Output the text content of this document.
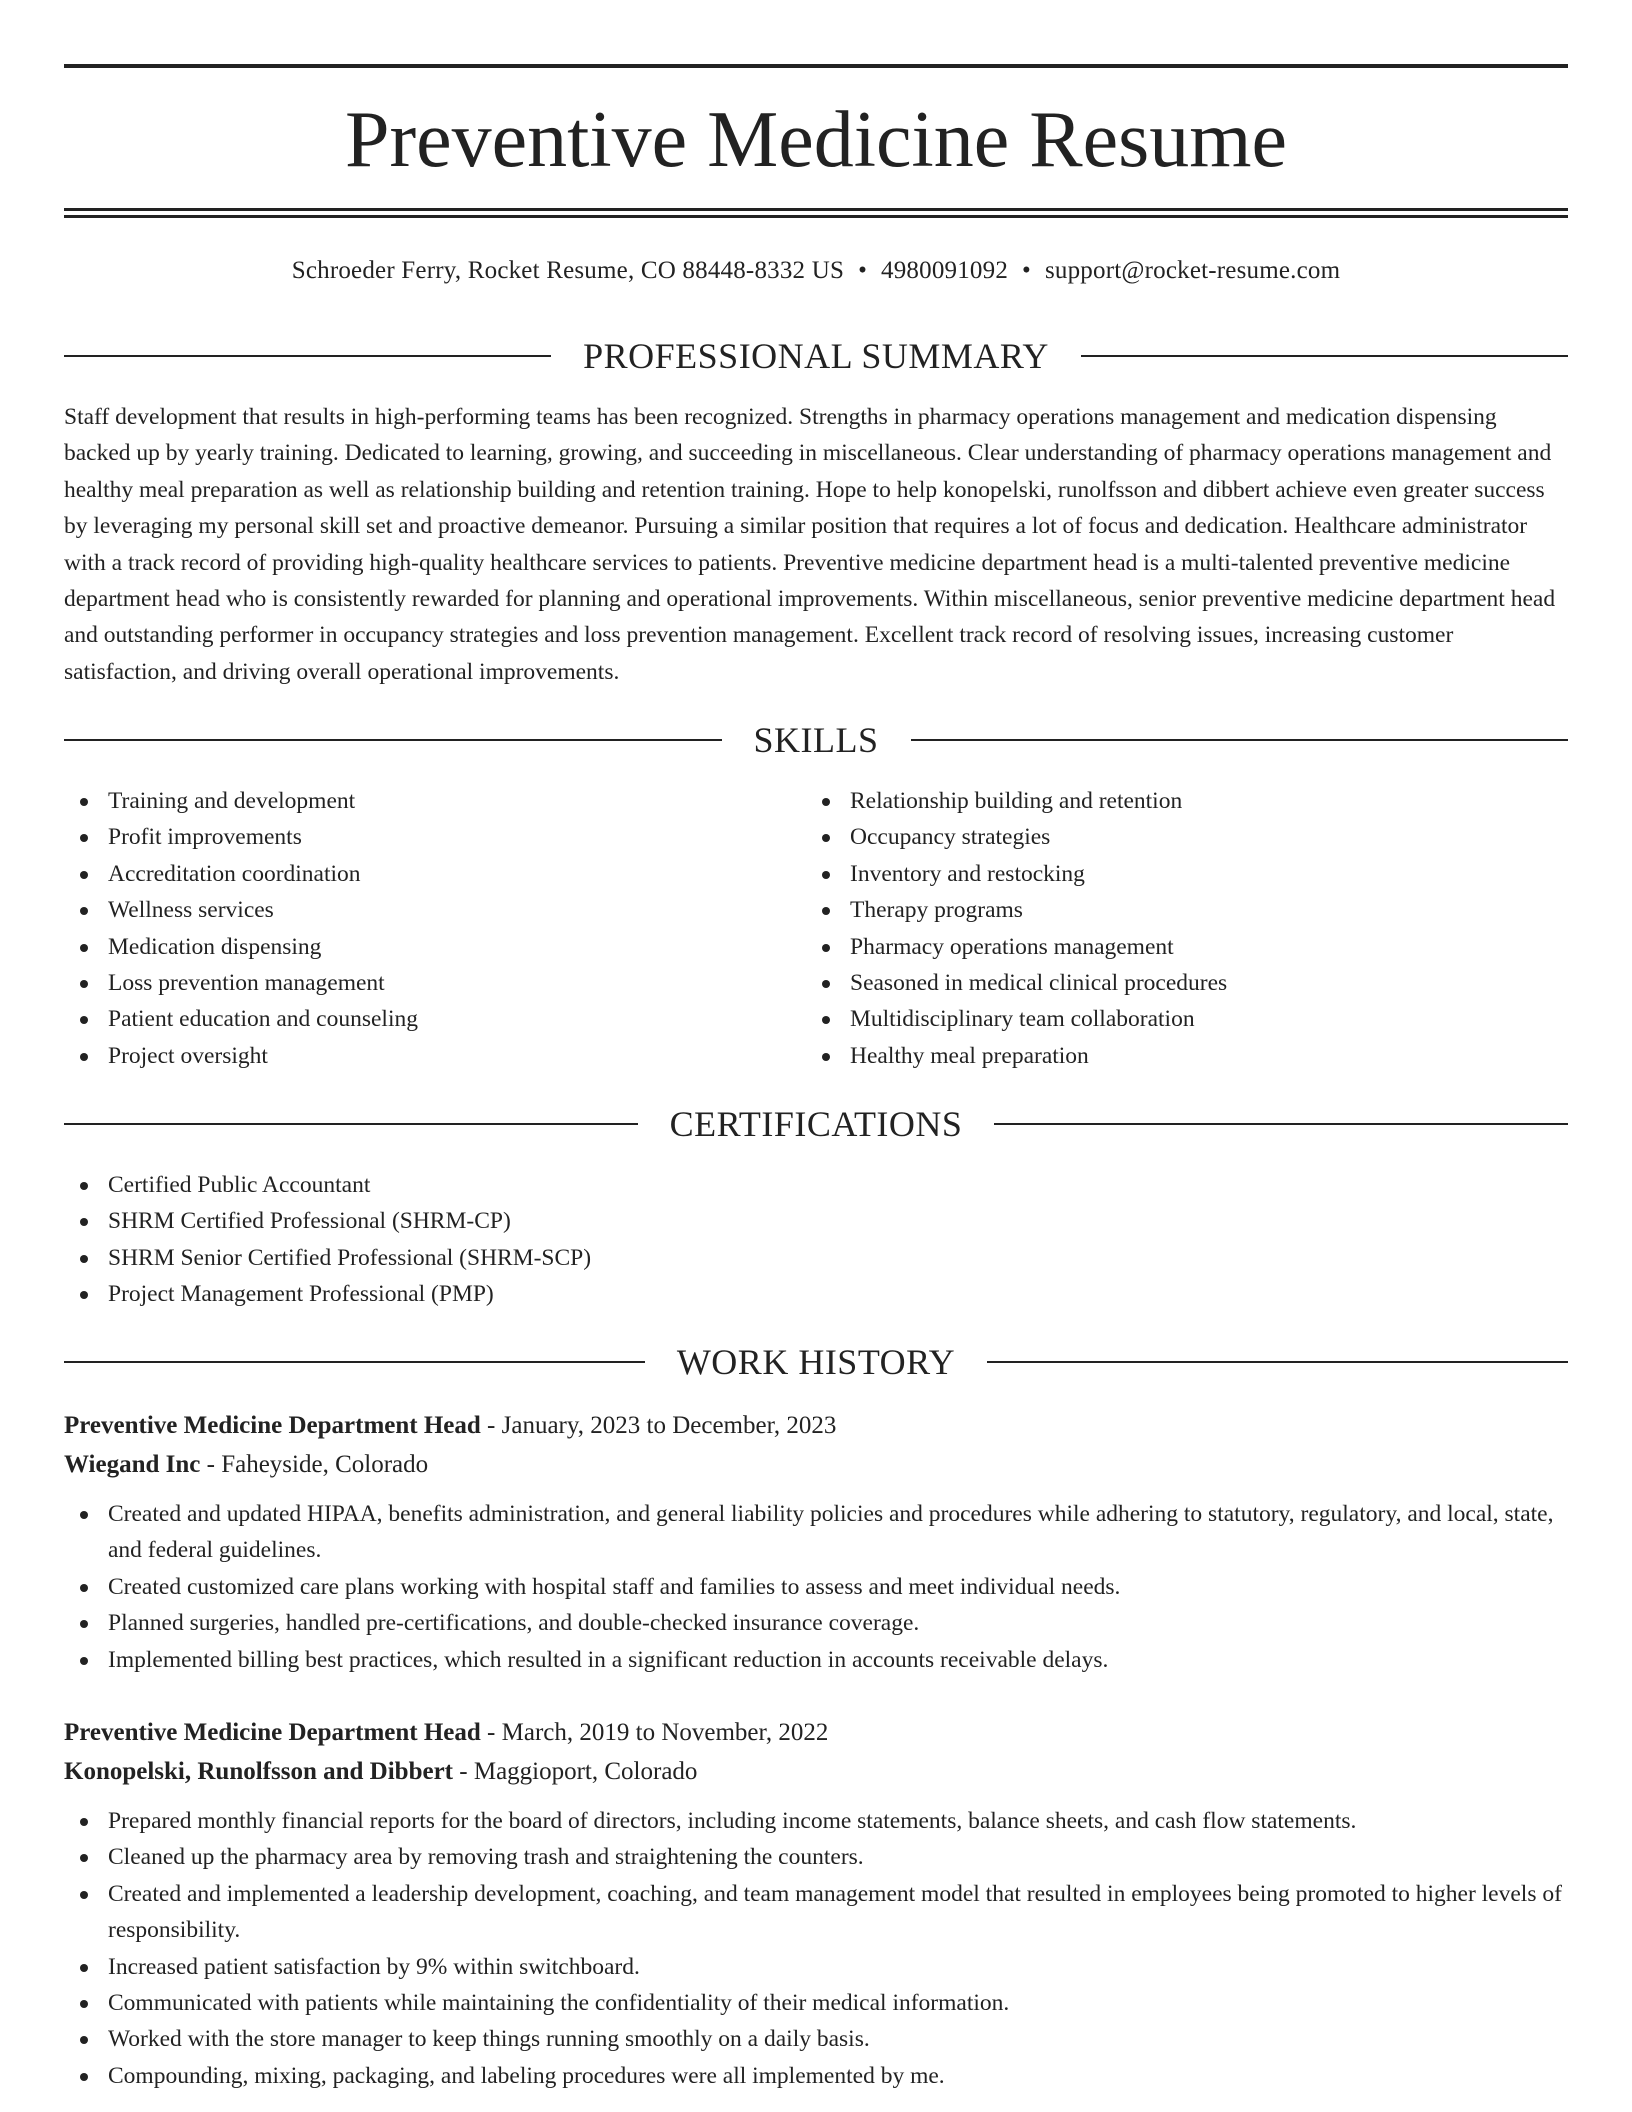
Preventive Medicine Resume
Schroeder Ferry, Rocket Resume, CO 88448-8332 US • 4980091092 • support@rocket-resume.com
PROFESSIONAL SUMMARY

Staff development that results in high-performing teams has been recognized. Strengths in pharmacy operations management and medication dispensing backed up by yearly training. Dedicated to learning, growing, and succeeding in miscellaneous. Clear understanding of pharmacy operations management and healthy meal preparation as well as relationship building and retention training. Hope to help konopelski, runolfsson and dibbert achieve even greater success by leveraging my personal skill set and proactive demeanor. Pursuing a similar position that requires a lot of focus and dedication. Healthcare administrator with a track record of providing high-quality healthcare services to patients. Preventive medicine department head is a multi-talented preventive medicine department head who is consistently rewarded for planning and operational improvements. Within miscellaneous, senior preventive medicine department head and outstanding performer in occupancy strategies and loss prevention management. Excellent track record of resolving issues, increasing customer satisfaction, and driving overall operational improvements.

SKILLS
Training and development
Profit improvements
Accreditation coordination
Wellness services
Medication dispensing
Loss prevention management
Patient education and counseling
Project oversight
Relationship building and retention
Occupancy strategies
Inventory and restocking
Therapy programs
Pharmacy operations management
Seasoned in medical clinical procedures
Multidisciplinary team collaboration
Healthy meal preparation
CERTIFICATIONS
Certified Public Accountant
SHRM Certified Professional (SHRM-CP)
SHRM Senior Certified Professional (SHRM-SCP)
Project Management Professional (PMP)
WORK HISTORY
Preventive Medicine Department Head - January, 2023 to December, 2023
Wiegand Inc - Faheyside, Colorado
Created and updated HIPAA, benefits administration, and general liability policies and procedures while adhering to statutory, regulatory, and local, state, and federal guidelines.
Created customized care plans working with hospital staff and families to assess and meet individual needs.
Planned surgeries, handled pre-certifications, and double-checked insurance coverage.
Implemented billing best practices, which resulted in a significant reduction in accounts receivable delays.
Preventive Medicine Department Head - March, 2019 to November, 2022
Konopelski, Runolfsson and Dibbert - Maggioport, Colorado
Prepared monthly financial reports for the board of directors, including income statements, balance sheets, and cash flow statements.
Cleaned up the pharmacy area by removing trash and straightening the counters.
Created and implemented a leadership development, coaching, and team management model that resulted in employees being promoted to higher levels of responsibility.
Increased patient satisfaction by 9% within switchboard.
Communicated with patients while maintaining the confidentiality of their medical information.
Worked with the store manager to keep things running smoothly on a daily basis.
Compounding, mixing, packaging, and labeling procedures were all implemented by me.
